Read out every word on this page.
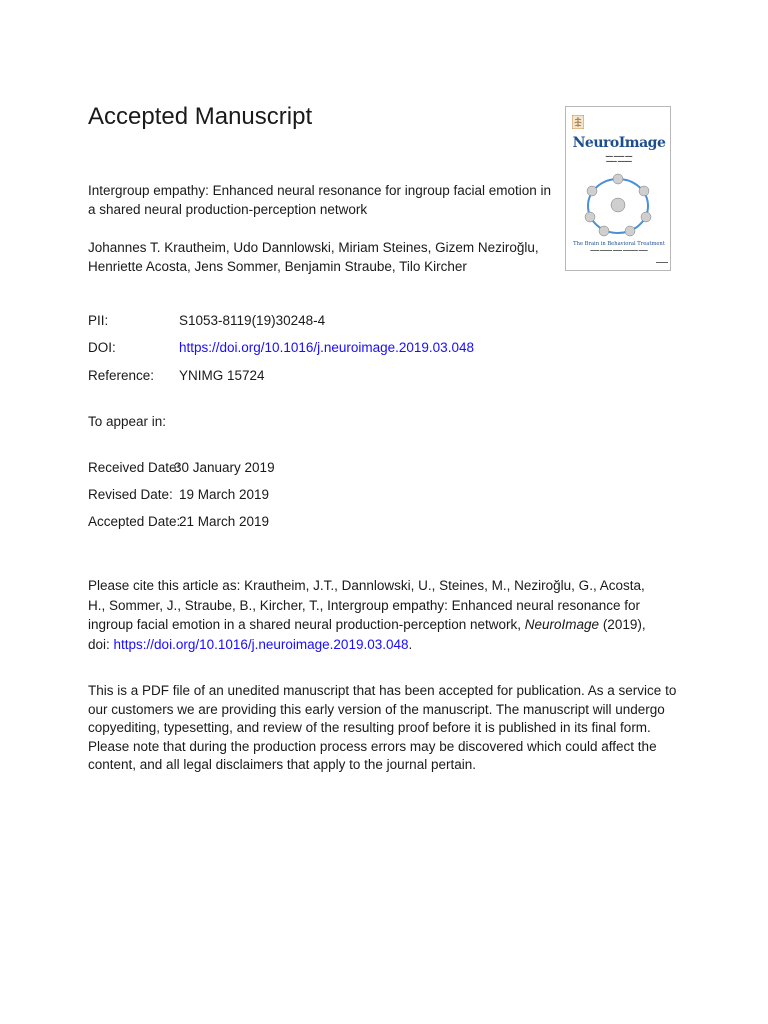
Accepted Manuscript
NeuroImage
▬▬ ▬▬▬ ▬▬
▬▬▬ ▬▬▬▬
The Brain in Behavioral Treatment
▬▬▬ ▬▬▬▬ ▬▬▬ ▬▬▬▬▬ ▬▬▬
▬▬▬▬
Intergroup empathy: Enhanced neural resonance for ingroup facial emotion in a shared neural production-perception network
Johannes T. Krautheim, Udo Dannlowski, Miriam Steines, Gizem Neziroğlu, Henriette Acosta, Jens Sommer, Benjamin Straube, Tilo Kircher
PII:	S1053-8119(19)30248-4
DOI:	https://doi.org/10.1016/j.neuroimage.2019.03.048
Reference: YNIMG 15724
To appear in:
Received Date:
30 January 2019
Revised Date: 19 March 2019
Accepted Date:
21 March 2019
Please cite this article as: Krautheim, J.T., Dannlowski, U., Steines, M., Neziroğlu, G., Acosta, H., Sommer, J., Straube, B., Kircher, T., Intergroup empathy: Enhanced neural resonance for ingroup facial emotion in a shared neural production-perception network, NeuroImage (2019), doi: https://doi.org/10.1016/j.neuroimage.2019.03.048.
This is a PDF file of an unedited manuscript that has been accepted for publication. As a service to our customers we are providing this early version of the manuscript. The manuscript will undergo copyediting, typesetting, and review of the resulting proof before it is published in its final form. Please note that during the production process errors may be discovered which could affect the content, and all legal disclaimers that apply to the journal pertain.
